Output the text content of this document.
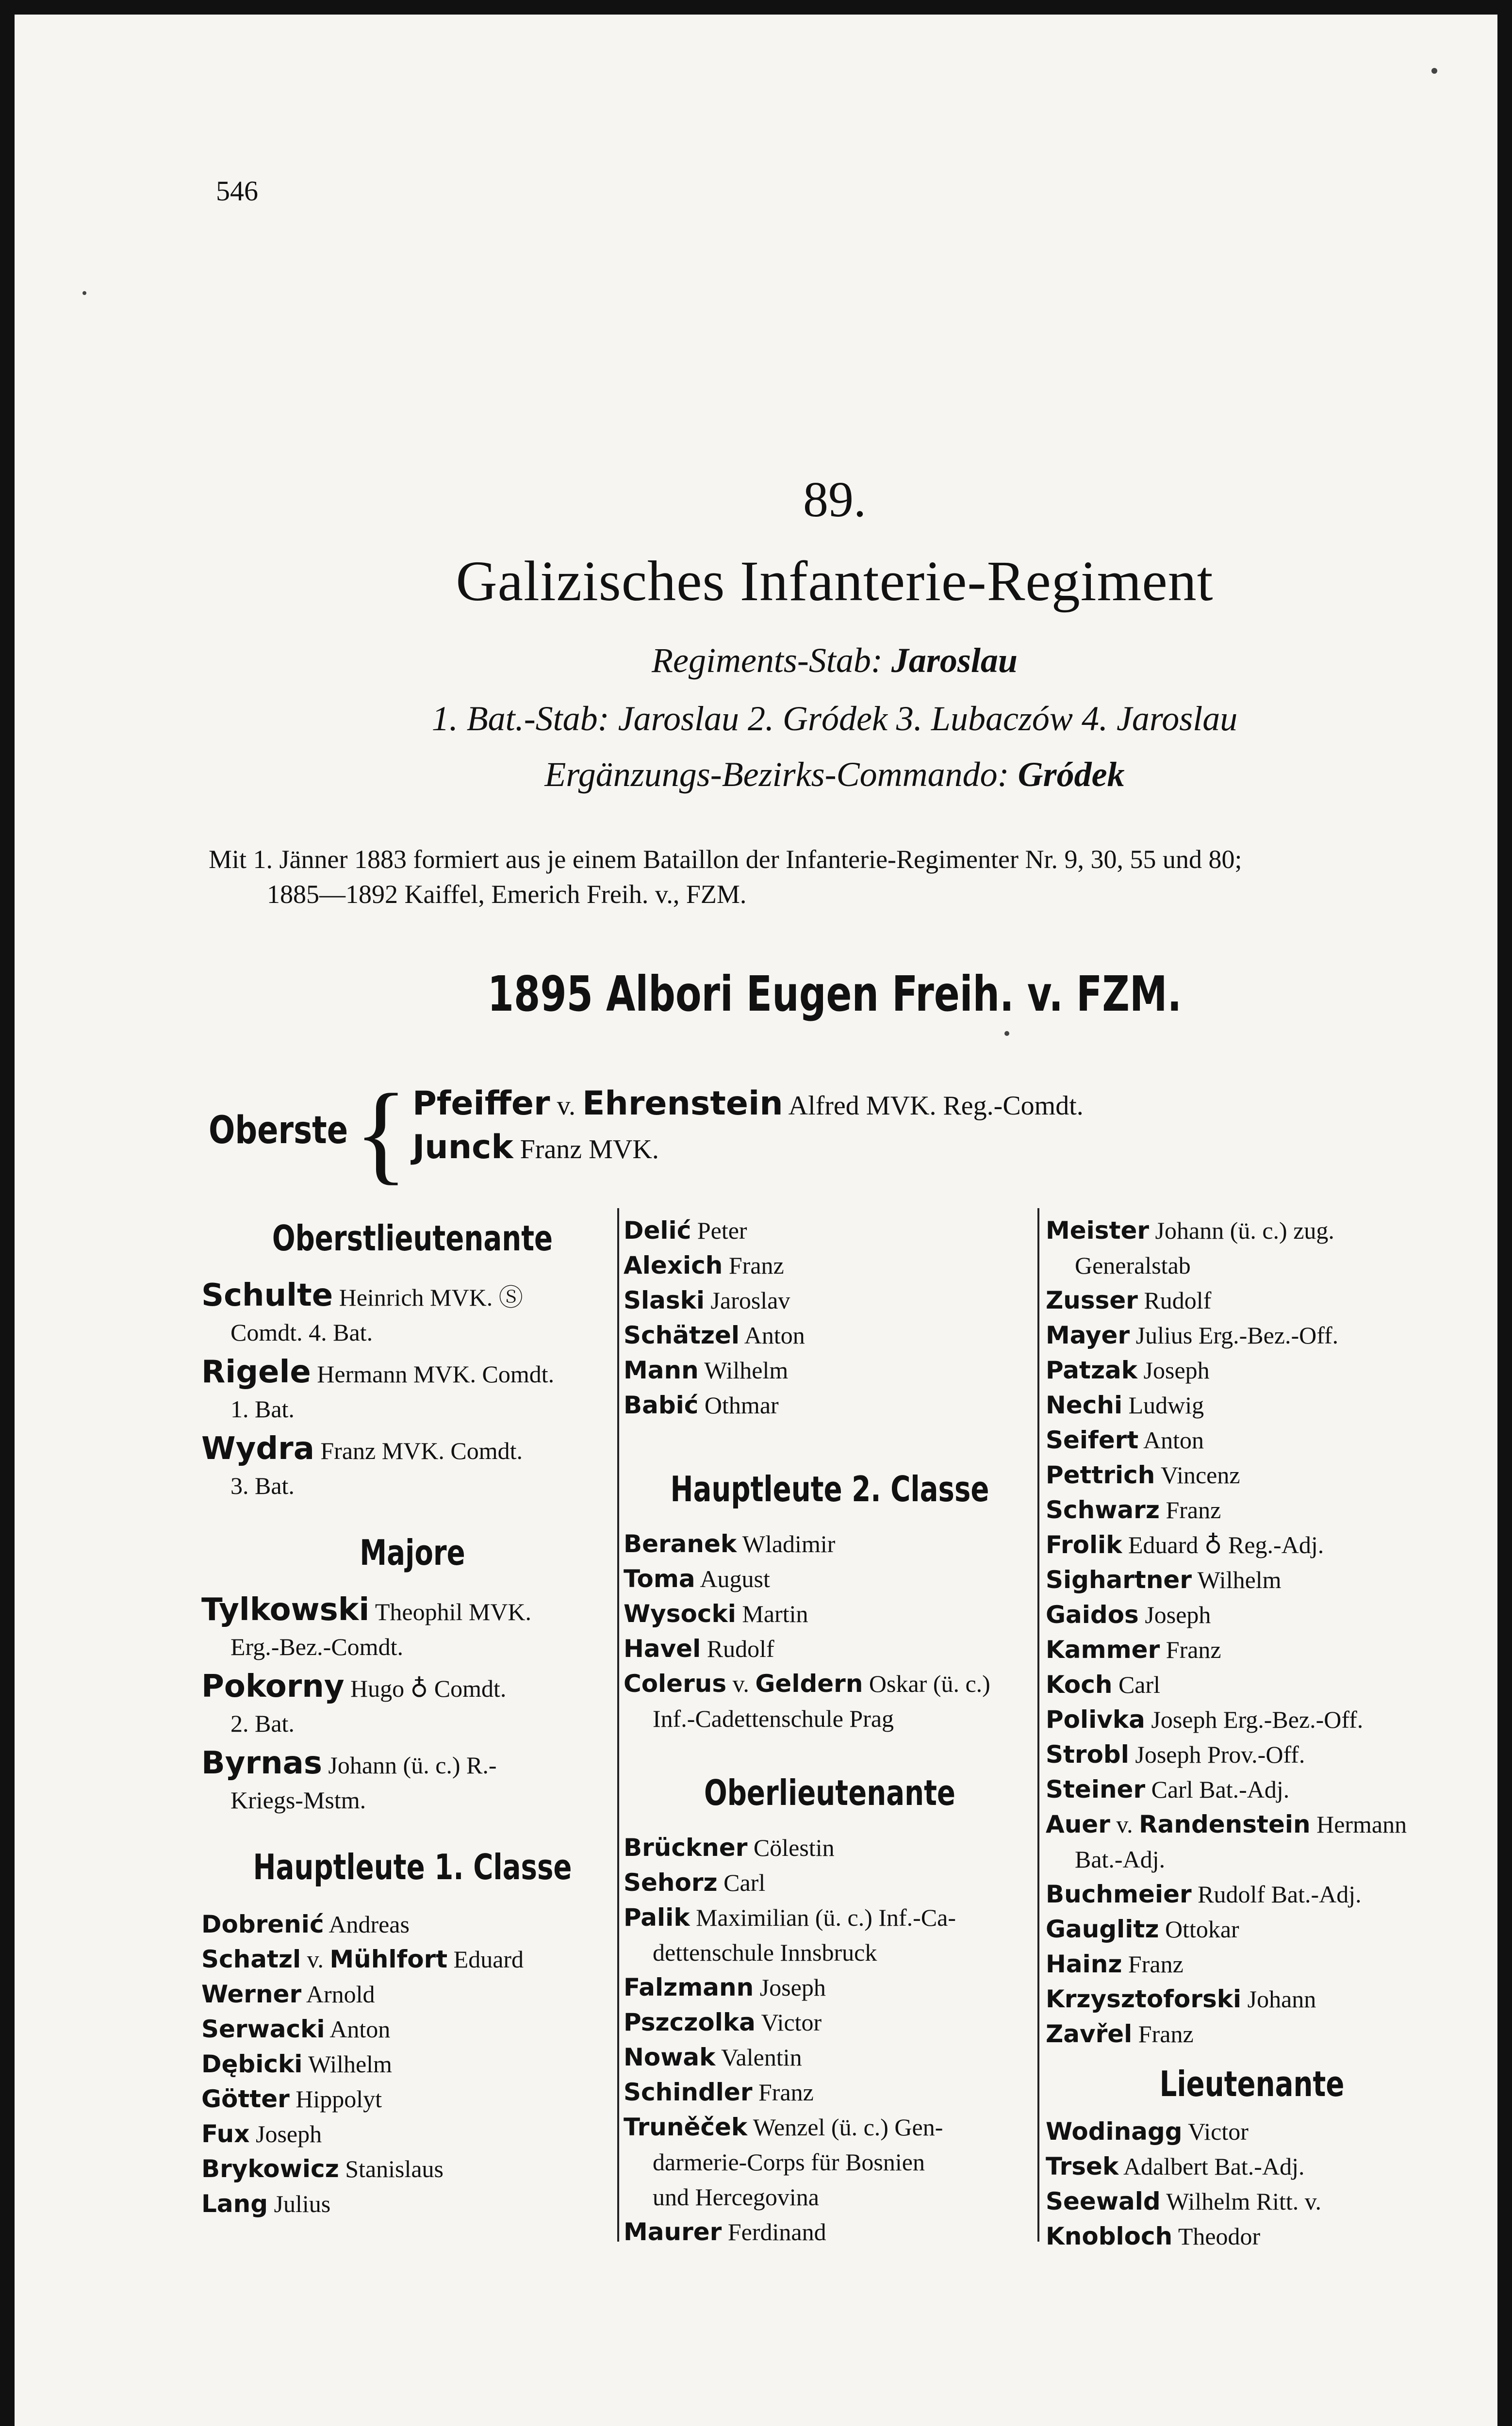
546
89.
Galizisches Infanterie-Regiment
Regiments-Stab: Jaroslau
1. Bat.-Stab: Jaroslau 2. Gródek 3. Lubaczów 4. Jaroslau
Ergänzungs-Bezirks-Commando: Gródek
Mit 1. Jänner 1883 formiert aus je einem Bataillon der Infanterie-Regimenter Nr. 9, 30, 55 und 80;
1885—1892 Kaiffel, Emerich Freih. v., FZM.
1895 Albori Eugen Freih. v. FZM.
Oberste { Pfeiffer v. Ehrenstein Alfred MVK. Reg.-Comdt.
Junck Franz MVK.
Oberstlieutenante
Schulte Heinrich MVK. Ⓢ
Comdt. 4. Bat.
Rigele Hermann MVK. Comdt.
1. Bat.
Wydra Franz MVK. Comdt.
3. Bat.
Majore
Tylkowski Theophil MVK.
Erg.-Bez.-Comdt.
Pokorny Hugo ♁ Comdt.
2. Bat.
Byrnas Johann (ü. c.) R.-
Kriegs-Mstm.
Hauptleute 1. Classe
Dobrenić Andreas
Schatzl v. Mühlfort Eduard
Werner Arnold
Serwacki Anton
Dębicki Wilhelm
Götter Hippolyt
Fux Joseph
Brykowicz Stanislaus
Lang Julius
Delić Peter
Alexich Franz
Slaski Jaroslav
Schätzel Anton
Mann Wilhelm
Babić Othmar
Hauptleute 2. Classe
Beranek Wladimir
Toma August
Wysocki Martin
Havel Rudolf
Colerus v. Geldern Oskar (ü. c.)
Inf.-Cadettenschule Prag
Oberlieutenante
Brückner Cölestin
Sehorz Carl
Palik Maximilian (ü. c.) Inf.-Ca-
dettenschule Innsbruck
Falzmann Joseph
Pszczolka Victor
Nowak Valentin
Schindler Franz
Truněček Wenzel (ü. c.) Gen-
darmerie-Corps für Bosnien
und Hercegovina
Maurer Ferdinand
Meister Johann (ü. c.) zug.
Generalstab
Zusser Rudolf
Mayer Julius Erg.-Bez.-Off.
Patzak Joseph
Nechi Ludwig
Seifert Anton
Pettrich Vincenz
Schwarz Franz
Frolik Eduard ♁ Reg.-Adj.
Sighartner Wilhelm
Gaidos Joseph
Kammer Franz
Koch Carl
Polivka Joseph Erg.-Bez.-Off.
Strobl Joseph Prov.-Off.
Steiner Carl Bat.-Adj.
Auer v. Randenstein Hermann
Bat.-Adj.
Buchmeier Rudolf Bat.-Adj.
Gauglitz Ottokar
Hainz Franz
Krzysztoforski Johann
Zavřel Franz
Lieutenante
Wodinagg Victor
Trsek Adalbert Bat.-Adj.
Seewald Wilhelm Ritt. v.
Knobloch Theodor
